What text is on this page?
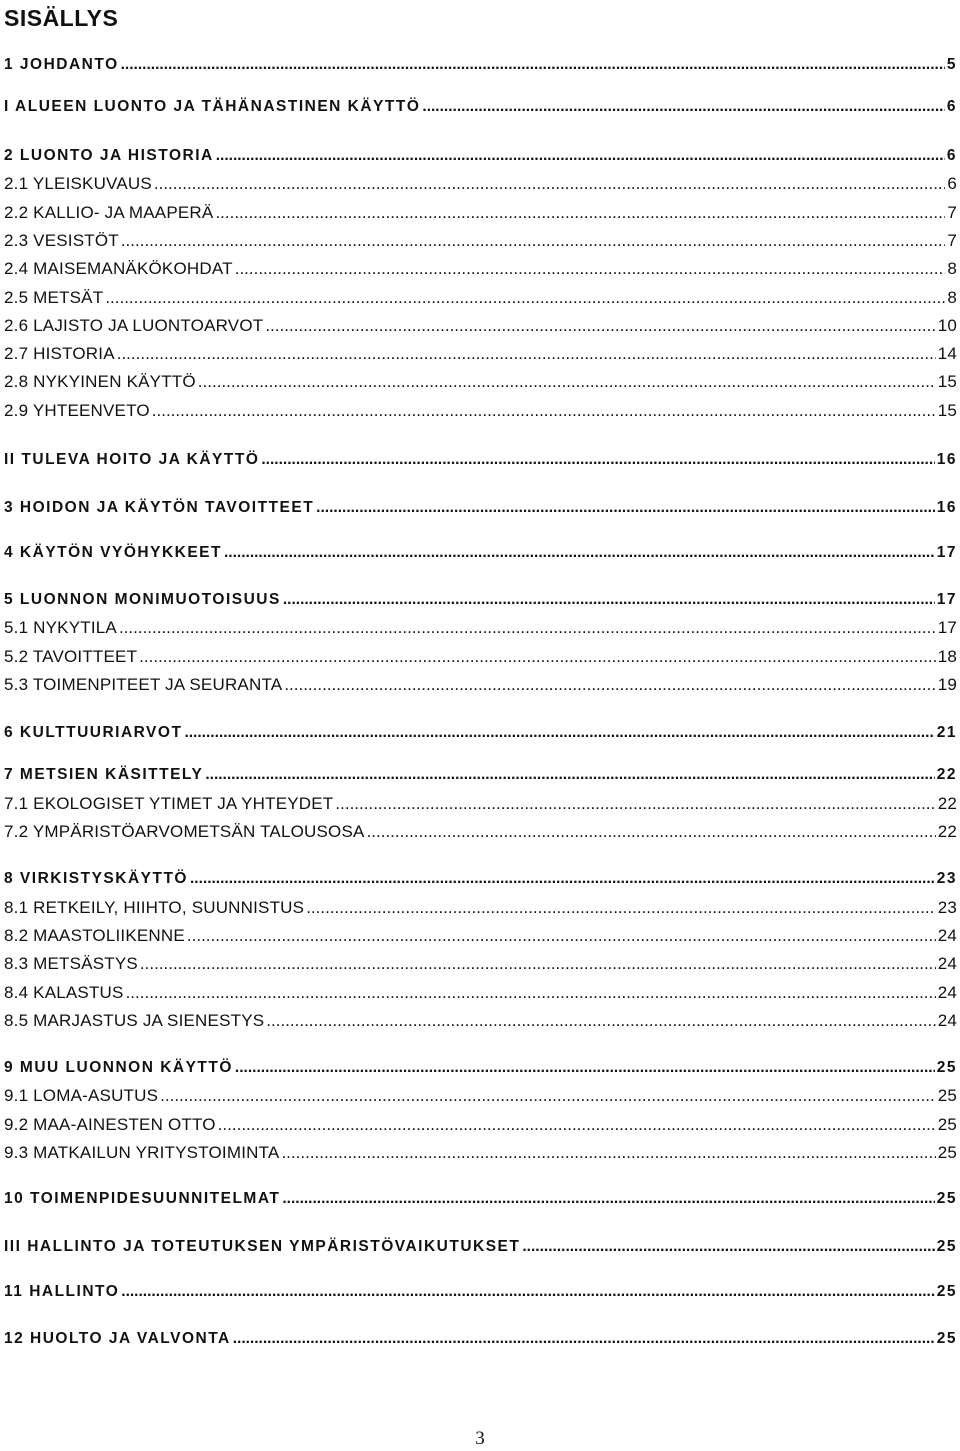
SISÄLLYS
1 JOHDANTO .....	5
I ALUEEN LUONTO JA TÄHÄNASTINEN KÄYTTÖ .....	6
2 LUONTO JA HISTORIA .....	6
2.1 YLEISKUVAUS .....	6
2.2 KALLIO- JA MAAPERÄ .....	7
2.3 VESISTÖT .....	7
2.4 MAISEMANÄKÖKOHDAT .....	8
2.5 METSÄT .....	8
2.6 LAJISTO JA LUONTOARVOT .....	10
2.7 HISTORIA .....	14
2.8 NYKYINEN KÄYTTÖ .....	15
2.9 YHTEENVETO .....	15
II TULEVA HOITO JA KÄYTTÖ .....	16
3 HOIDON JA KÄYTÖN TAVOITTEET .....	16
4 KÄYTÖN VYÖHYKKEET .....	17
5 LUONNON MONIMUOTOISUUS .....	17
5.1 NYKYTILA .....	17
5.2 TAVOITTEET .....	18
5.3 TOIMENPITEET JA SEURANTA .....	19
6 KULTTUURIARVOT .....	21
7 METSIEN KÄSITTELY .....	22
7.1 EKOLOGISET YTIMET JA YHTEYDET .....	22
7.2 YMPÄRISTÖARVOMETSÄN TALOUSOSA .....	22
8 VIRKISTYSKÄYTTÖ .....	23
8.1 RETKEILY, HIIHTO, SUUNNISTUS .....	23
8.2 MAASTOLIIKENNE .....	24
8.3 METSÄSTYS .....	24
8.4 KALASTUS .....	24
8.5 MARJASTUS JA SIENESTYS .....	24
9 MUU LUONNON KÄYTTÖ .....	25
9.1 LOMA-ASUTUS .....	25
9.2 MAA-AINESTEN OTTO .....	25
9.3 MATKAILUN YRITYSTOIMINTA .....	25
10 TOIMENPIDESUUNNITELMAT .....	25
III HALLINTO JA TOTEUTUKSEN YMPÄRISTÖVAIKUTUKSET .....	25
11 HALLINTO .....	25
12 HUOLTO JA VALVONTA .....	25
3
